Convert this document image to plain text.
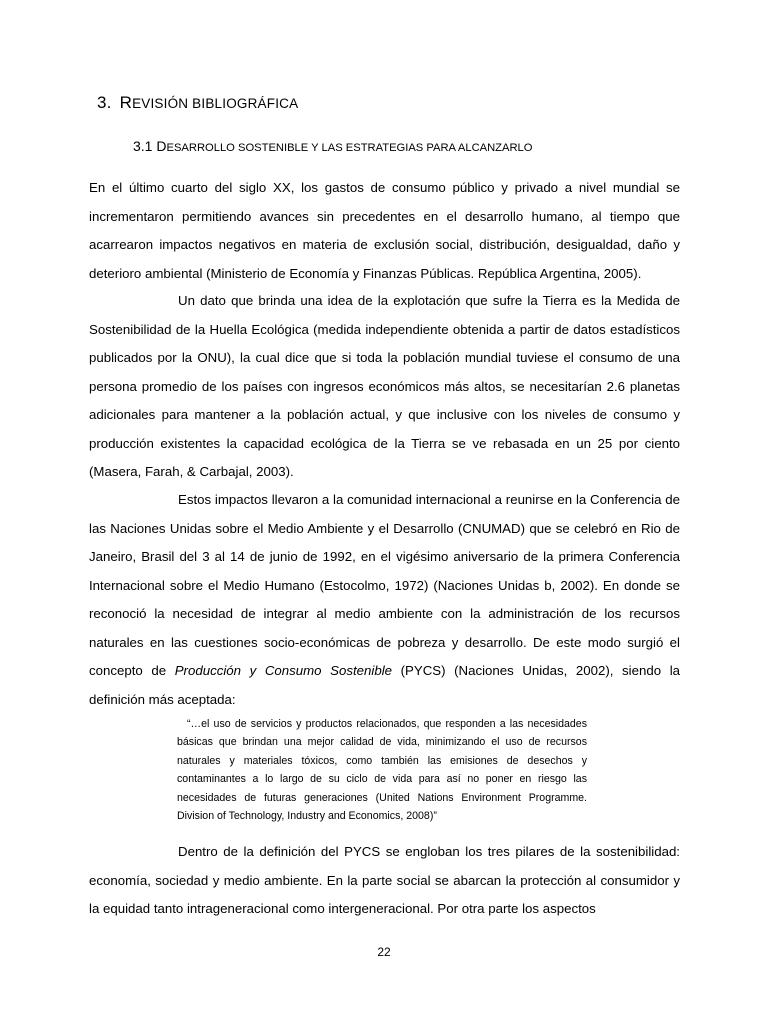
3. REVISIÓN BIBLIOGRÁFICA
3.1 DESARROLLO SOSTENIBLE Y LAS ESTRATEGIAS PARA ALCANZARLO

En el último cuarto del siglo XX, los gastos de consumo público y privado a nivel mundial se incrementaron permitiendo avances sin precedentes en el desarrollo humano, al tiempo que acarrearon impactos negativos en materia de exclusión social, distribución, desigualdad, daño y deterioro ambiental (Ministerio de Economía y Finanzas Públicas. República Argentina, 2005).

Un dato que brinda una idea de la explotación que sufre la Tierra es la Medida de Sostenibilidad de la Huella Ecológica (medida independiente obtenida a partir de datos estadísticos publicados por la ONU), la cual dice que si toda la población mundial tuviese el consumo de una persona promedio de los países con ingresos económicos más altos, se necesitarían 2.6 planetas adicionales para mantener a la población actual, y que inclusive con los niveles de consumo y producción existentes la capacidad ecológica de la Tierra se ve rebasada en un 25 por ciento (Masera, Farah, & Carbajal, 2003).

Estos impactos llevaron a la comunidad internacional a reunirse en la Conferencia de las Naciones Unidas sobre el Medio Ambiente y el Desarrollo (CNUMAD) que se celebró en Rio de Janeiro, Brasil del 3 al 14 de junio de 1992, en el vigésimo aniversario de la primera Conferencia Internacional sobre el Medio Humano (Estocolmo, 1972) (Naciones Unidas b, 2002). En donde se reconoció la necesidad de integrar al medio ambiente con la administración de los recursos naturales en las cuestiones socio-económicas de pobreza y desarrollo. De este modo surgió el concepto de Producción y Consumo Sostenible (PYCS) (Naciones Unidas, 2002), siendo la definición más aceptada:

“…el uso de servicios y productos relacionados, que responden a las necesidades básicas que brindan una mejor calidad de vida, minimizando el uso de recursos naturales y materiales tóxicos, como también las emisiones de desechos y contaminantes a lo largo de su ciclo de vida para así no poner en riesgo las necesidades de futuras generaciones (United Nations Environment Programme. Division of Technology, Industry and Economics, 2008)”

Dentro de la definición del PYCS se engloban los tres pilares de la sostenibilidad: economía, sociedad y medio ambiente. En la parte social se abarcan la protección al consumidor y la equidad tanto intrageneracional como intergeneracional. Por otra parte los aspectos

22
